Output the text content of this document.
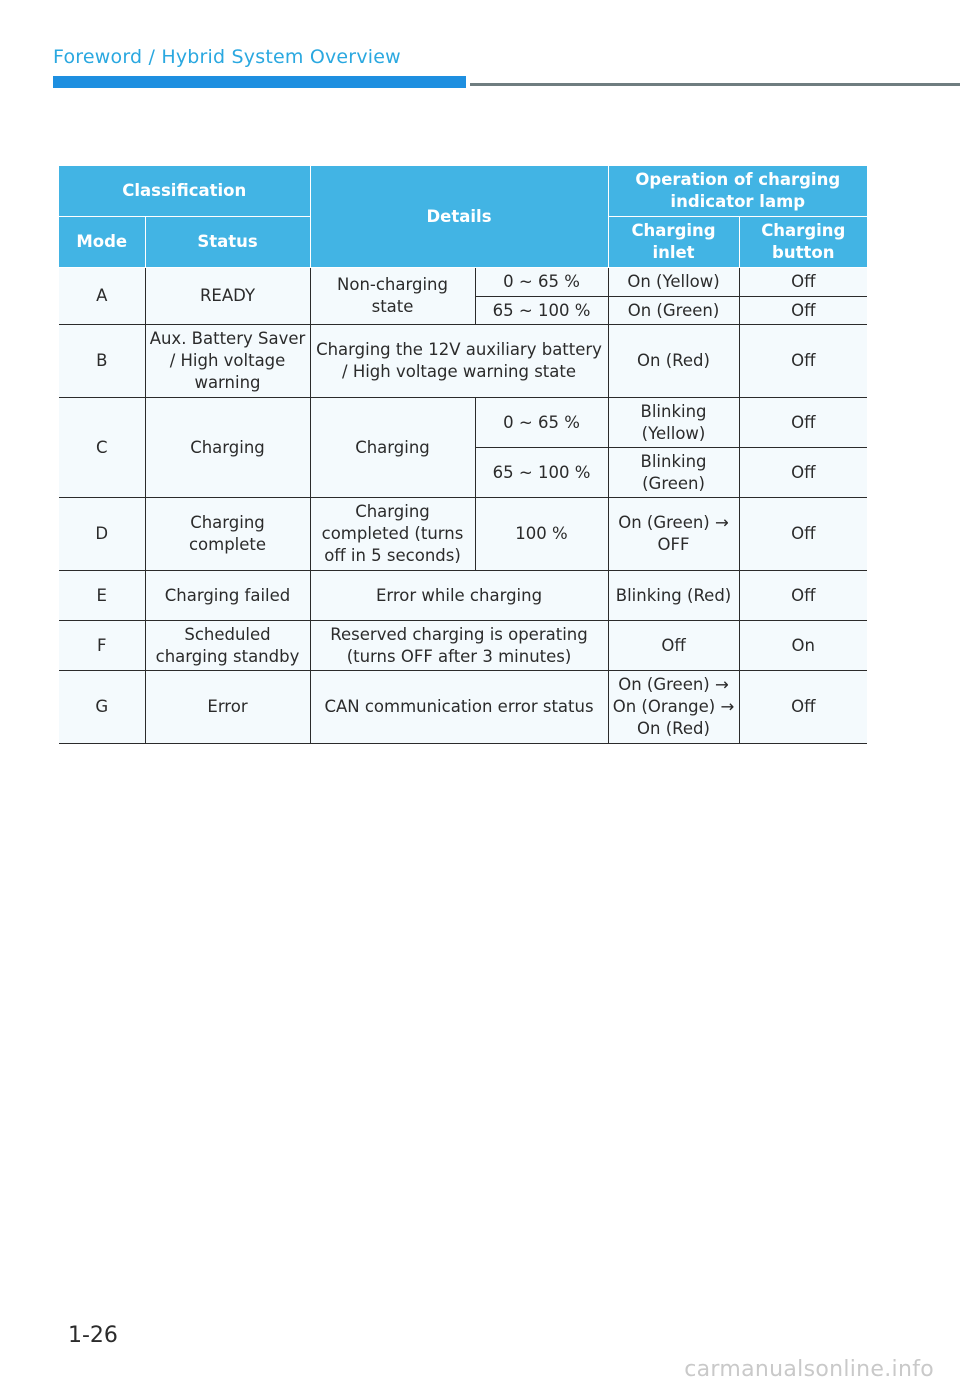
Foreword / Hybrid System Overview
Classification		Details		Operation of charging indicator lamp	
Mode	Status			Charging inlet	Charging button
A	READY	Non-charging state	0 ~ 65 %	On (Yellow)	Off
			65 ~ 100 %	On (Green)	Off
B	Aux. Battery Saver / High voltage warning	Charging the 12V auxiliary battery / High voltage warning state		On (Red)	Off
C	Charging	Charging	0 ~ 65 %	Blinking (Yellow)	Off
			65 ~ 100 %	Blinking (Green)	Off
D	Charging complete	Charging completed (turns off in 5 seconds)	100 %	On (Green) → OFF	Off
E	Charging failed	Error while charging		Blinking (Red)	Off
F	Scheduled charging standby	Reserved charging is operating (turns OFF after 3 minutes)		Off	On
G	Error	CAN communication error status		On (Green) → On (Orange) → On (Red)	Off
1-26
carmanualsonline.info
